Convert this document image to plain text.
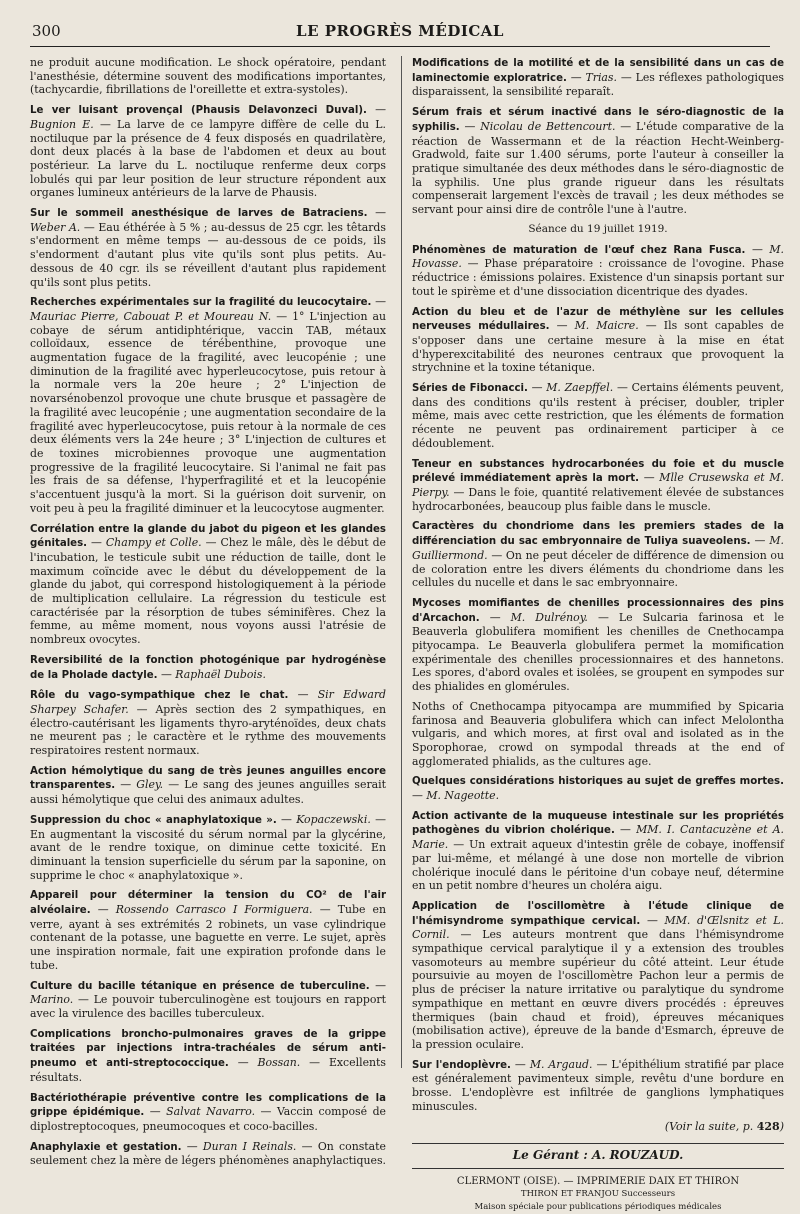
300	LE PROGRÈS MÉDICAL

ne produit aucune modification. Le shock opératoire, pendant l'anesthésie, détermine souvent des modifications importantes, (tachycardie, fibrillations de l'oreillette et extra-systoles).

Le ver luisant provençal (Phausis Delavonzeci Duval). — Bugnion E. — La larve de ce lampyre diffère de celle du L. noctiluque par la présence de 4 feux disposés en quadrilatère, dont deux placés à la base de l'abdomen et deux au bout postérieur. La larve du L. noctiluque renferme deux corps lobulés qui par leur position de leur structure répondent aux organes lumineux antérieurs de la larve de Phausis.

Sur le sommeil anesthésique de larves de Batraciens. — Weber A. — Eau éthérée à 5 % ; au-dessus de 25 cgr. les têtards s'endorment en même temps — au-dessous de ce poids, ils s'endorment d'autant plus vite qu'ils sont plus petits. Au-dessous de 40 cgr. ils se réveillent d'autant plus rapidement qu'ils sont plus petits.

Recherches expérimentales sur la fragilité du leucocytaire. — Mauriac Pierre, Cabouat P. et Moureau N. — 1° L'injection au cobaye de sérum antidiphtérique, vaccin TAB, métaux colloïdaux, essence de térébenthine, provoque une augmentation fugace de la fragilité, avec leucopénie ; une diminution de la fragilité avec hyperleucocytose, puis retour à la normale vers la 20e heure ; 2° L'injection de novarsénobenzol provoque une chute brusque et passagère de la fragilité avec leucopénie ; une augmentation secondaire de la fragilité avec hyperleucocytose, puis retour à la normale de ces deux éléments vers la 24e heure ; 3° L'injection de cultures et de toxines microbiennes provoque une augmentation progressive de la fragilité leucocytaire. Si l'animal ne fait pas les frais de sa défense, l'hyperfragilité et et la leucopénie s'accentuent jusqu'à la mort. Si la guérison doit survenir, on voit peu à peu la fragilité diminuer et la leucocytose augmenter.

Corrélation entre la glande du jabot du pigeon et les glandes génitales. — Champy et Colle. — Chez le mâle, dès le début de l'incubation, le testicule subit une réduction de taille, dont le maximum coïncide avec le début du développement de la glande du jabot, qui correspond histologiquement à la période de multiplication cellulaire. La régression du testicule est caractérisée par la résorption de tubes séminifères. Chez la femme, au même moment, nous voyons aussi l'atrésie de nombreux ovocytes.

Reversibilité de la fonction photogénique par hydrogénèse de la Pholade dactyle. — Raphaël Dubois.

Rôle du vago-sympathique chez le chat. — Sir Edward Sharpey Schafer. — Après section des 2 sympathiques, en électro-cautérisant les ligaments thyro-aryténoïdes, deux chats ne meurent pas ; le caractère et le rythme des mouvements respiratoires restent normaux.

Action hémolytique du sang de très jeunes anguilles encore transparentes. — Gley. — Le sang des jeunes anguilles serait aussi hémolytique que celui des animaux adultes.

Suppression du choc « anaphylatoxique ». — Kopaczewski. — En augmentant la viscosité du sérum normal par la glycérine, avant de le rendre toxique, on diminue cette toxicité. En diminuant la tension superficielle du sérum par la saponine, on supprime le choc « anaphylatoxique ».

Appareil pour déterminer la tension du CO² de l'air alvéolaire. — Rossendo Carrasco I Formiguera. — Tube en verre, ayant à ses extrémités 2 robinets, un vase cylindrique contenant de la potasse, une baguette en verre. Le sujet, après une inspiration normale, fait une expiration profonde dans le tube.

Culture du bacille tétanique en présence de tuberculine. — Marino. — Le pouvoir tuberculinogène est toujours en rapport avec la virulence des bacilles tuberculeux.

Complications broncho-pulmonaires graves de la grippe traitées par injections intra-trachéales de sérum anti-pneumo et anti-streptococcique. — Bossan. — Excellents résultats.

Bactériothérapie préventive contre les complications de la grippe épidémique. — Salvat Navarro. — Vaccin composé de diplostreptocoques, pneumocoques et coco-bacilles.

Anaphylaxie et gestation. — Duran I Reinals. — On constate seulement chez la mère de légers phénomènes anaphylactiques.

Modifications de la motilité et de la sensibilité dans un cas de laminectomie exploratrice. — Trias. — Les réflexes pathologiques disparaissent, la sensibilité reparaît.

Sérum frais et sérum inactivé dans le séro-diagnostic de la syphilis. — Nicolau de Bettencourt. — L'étude comparative de la réaction de Wassermann et de la réaction Hecht-Weinberg-Gradwold, faite sur 1.400 sérums, porte l'auteur à conseiller la pratique simultanée des deux méthodes dans le séro-diagnostic de la syphilis. Une plus grande rigueur dans les résultats compenserait largement l'excès de travail ; les deux méthodes se servant pour ainsi dire de contrôle l'une à l'autre.

Séance du 19 juillet 1919.

Phénomènes de maturation de l'œuf chez Rana Fusca. — M. Hovasse. — Phase préparatoire : croissance de l'ovogine. Phase réductrice : émissions polaires. Existence d'un sinapsis portant sur tout le spirème et d'une dissociation dicentrique des dyades.

Action du bleu et de l'azur de méthylène sur les cellules nerveuses médullaires. — M. Maicre. — Ils sont capables de s'opposer dans une certaine mesure à la mise en état d'hyperexcitabilité des neurones centraux que provoquent la strychnine et la toxine tétanique.

Séries de Fibonacci. — M. Zaepffel. — Certains éléments peuvent, dans des conditions qu'ils restent à préciser, doubler, tripler même, mais avec cette restriction, que les éléments de formation récente ne peuvent pas ordinairement participer à ce dédoublement.

Teneur en substances hydrocarbonées du foie et du muscle prélevé immédiatement après la mort. — Mlle Crusewska et M. Pierpy. — Dans le foie, quantité relativement élevée de substances hydrocarbonées, beaucoup plus faible dans le muscle.

Caractères du chondriome dans les premiers stades de la différenciation du sac embryonnaire de Tuliya suaveolens. — M. Guilliermond. — On ne peut déceler de différence de dimension ou de coloration entre les divers éléments du chondriome dans les cellules du nucelle et dans le sac embryonnaire.

Mycoses momifiantes de chenilles processionnaires des pins d'Arcachon. — M. Dulrénoy. — Le Sulcaria farinosa et le Beauverla globulifera momifient les chenilles de Cnethocampa pityocampa. Le Beauverla globulifera permet la momification expérimentale des chenilles processionnaires et des hannetons. Les spores, d'abord ovales et isolées, se groupent en sympodes sur des phialides en glomérules.

Noths of Cnethocampa pityocampa are mummified by Spicaria farinosa and Beauveria globulifera which can infect Melolontha vulgaris, and which mores, at first oval and isolated as in the Sporophorae, crowd on sympodal threads at the end of agglomerated phialids, as the cultures age.

Quelques considérations historiques au sujet de greffes mortes. — M. Nageotte.

Action activante de la muqueuse intestinale sur les propriétés pathogènes du vibrion cholérique. — MM. I. Cantacuzène et A. Marie. — Un extrait aqueux d'intestin grêle de cobaye, inoffensif par lui-même, et mélangé à une dose non mortelle de vibrion cholérique inoculé dans le péritoine d'un cobaye neuf, détermine en un petit nombre d'heures un choléra aigu.

Application de l'oscillomètre à l'étude clinique de l'hémisyndrome sympathique cervical. — MM. d'Œlsnitz et L. Cornil. — Les auteurs montrent que dans l'hémisyndrome sympathique cervical paralytique il y a extension des troubles vasomoteurs au membre supérieur du côté atteint. Leur étude poursuivie au moyen de l'oscillomètre Pachon leur a permis de plus de préciser la nature irritative ou paralytique du syndrome sympathique en mettant en œuvre divers procédés : épreuves thermiques (bain chaud et froid), épreuves mécaniques (mobilisation active), épreuve de la bande d'Esmarch, épreuve de la pression oculaire.

Sur l'endoplèvre. — M. Argaud. — L'épithélium stratifié par place est généralement pavimenteux simple, revêtu d'une bordure en brosse. L'endoplèvre est infiltrée de ganglions lymphatiques minuscules.

(Voir la suite, p. 428)
Le Gérant : A. ROUZAUD.
CLERMONT (OISE). — IMPRIMERIE DAIX ET THIRON
THIRON ET FRANJOU Successeurs
Maison spéciale pour publications périodiques médicales
